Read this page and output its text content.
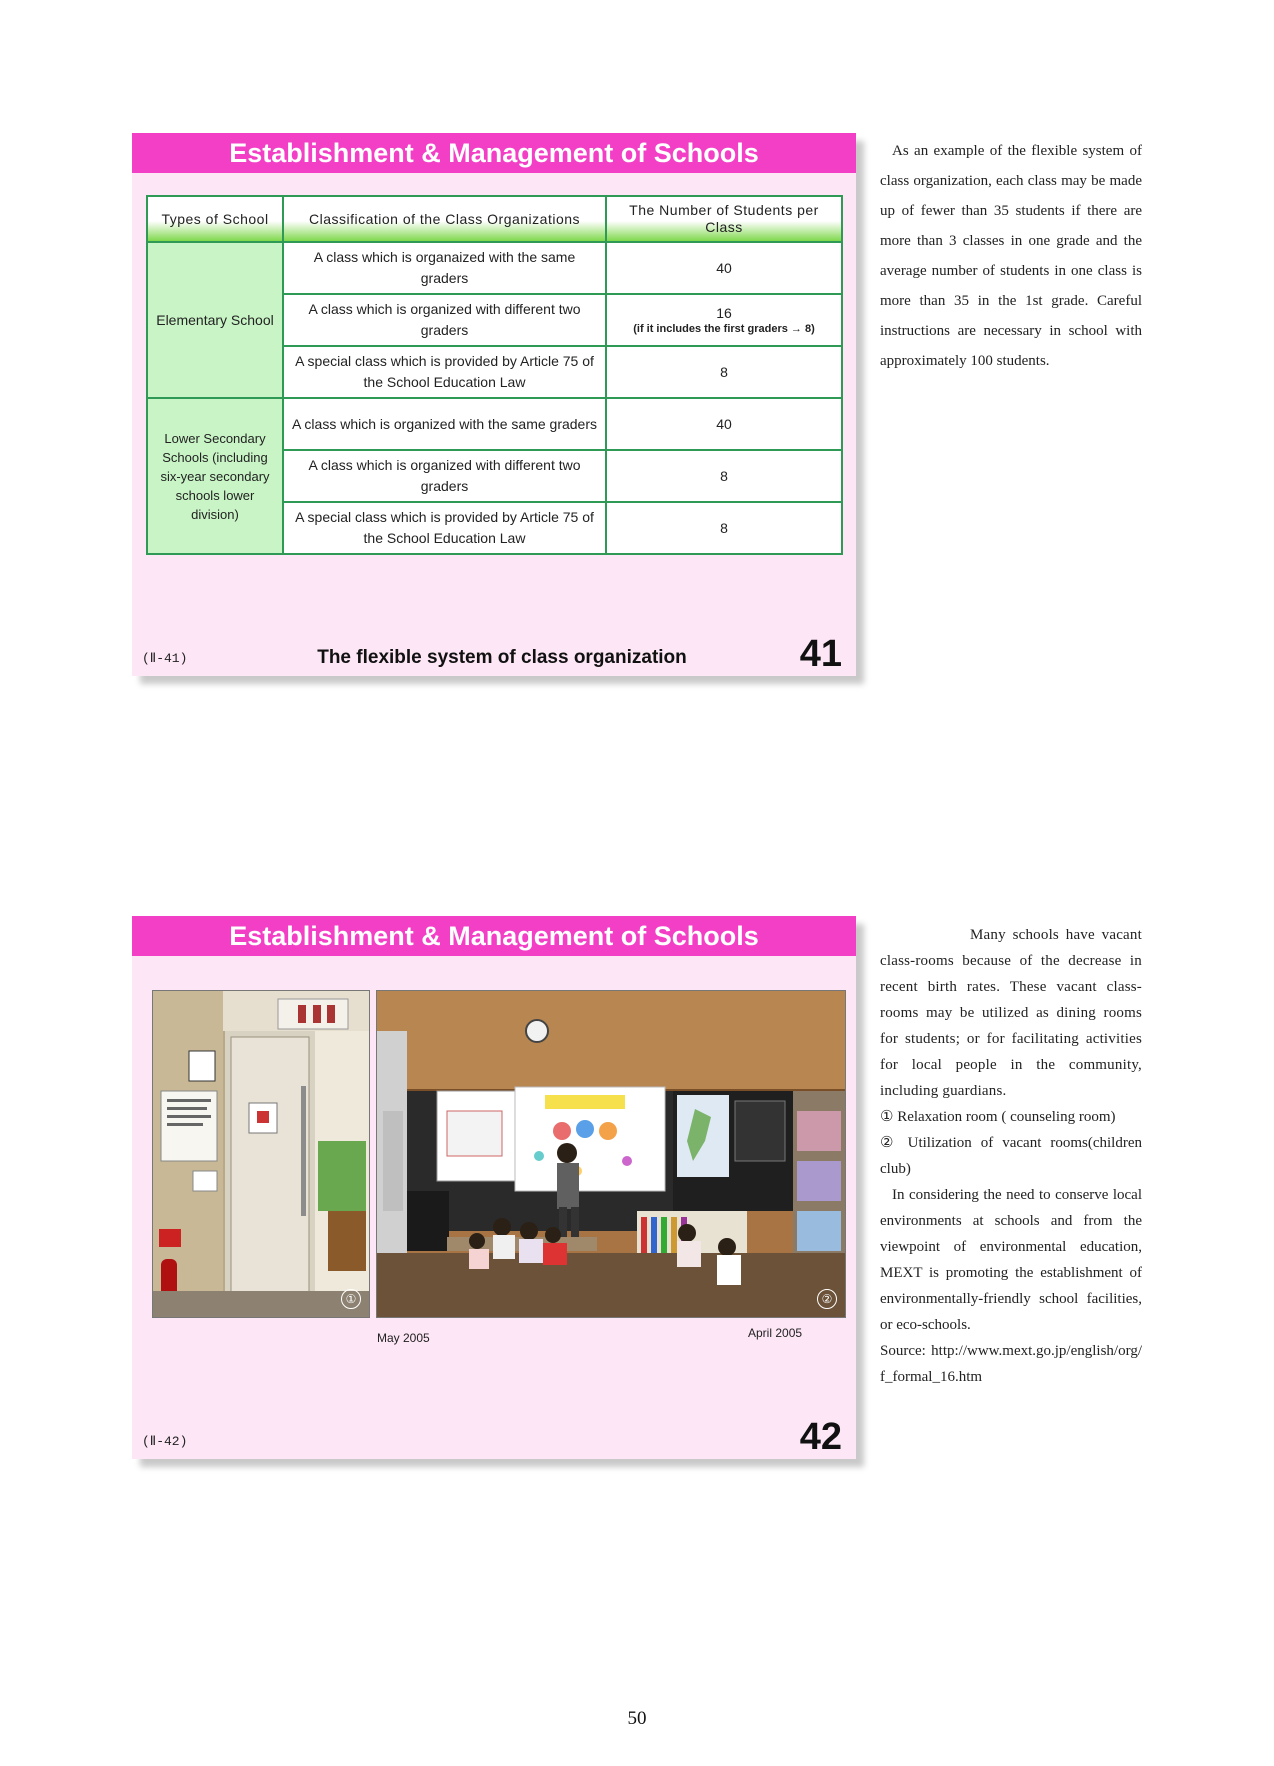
Establishment & Management of Schools
Types of School	Classification of the Class Organizations	The Number of Students per Class
Elementary School	A class which is organaized with the same graders	40
	A class which is organized with different two graders	16
(if it includes the first graders → 8)

	A special class which is provided by Article 75 of the School Education Law	8
Lower Secondary Schools (including six-year secondary schools lower division)	A class which is organized with the same graders	40
	A class which is organized with different two graders	8
	A special class which is provided by Article 75 of the School Education Law	8
(Ⅱ-41)	The flexible system of class organization	41

As an example of the flexible system of class organization, each class may be made up of fewer than 35 students if there are more than 3 classes in one grade and the average number of students in one class is more than 35 in the 1st grade. Careful instructions are necessary in school with approximately 100 students.

Establishment & Management of Schools
①	②
May 2005	April 2005
(Ⅱ-42)	42

Many schools have vacant class-rooms because of the decrease in recent birth rates. These vacant class-rooms may be utilized as dining rooms for students; or for facilitating activities for local people in the community, including guardians.

① Relaxation room ( counseling room)

② Utilization of vacant rooms(children club)

In considering the need to conserve local environments at schools and from the viewpoint of environmental education, MEXT is promoting the establishment of environmentally-friendly school facilities, or eco-schools.

Source: http://www.mext.go.jp/english/org/f_formal_16.htm

50
